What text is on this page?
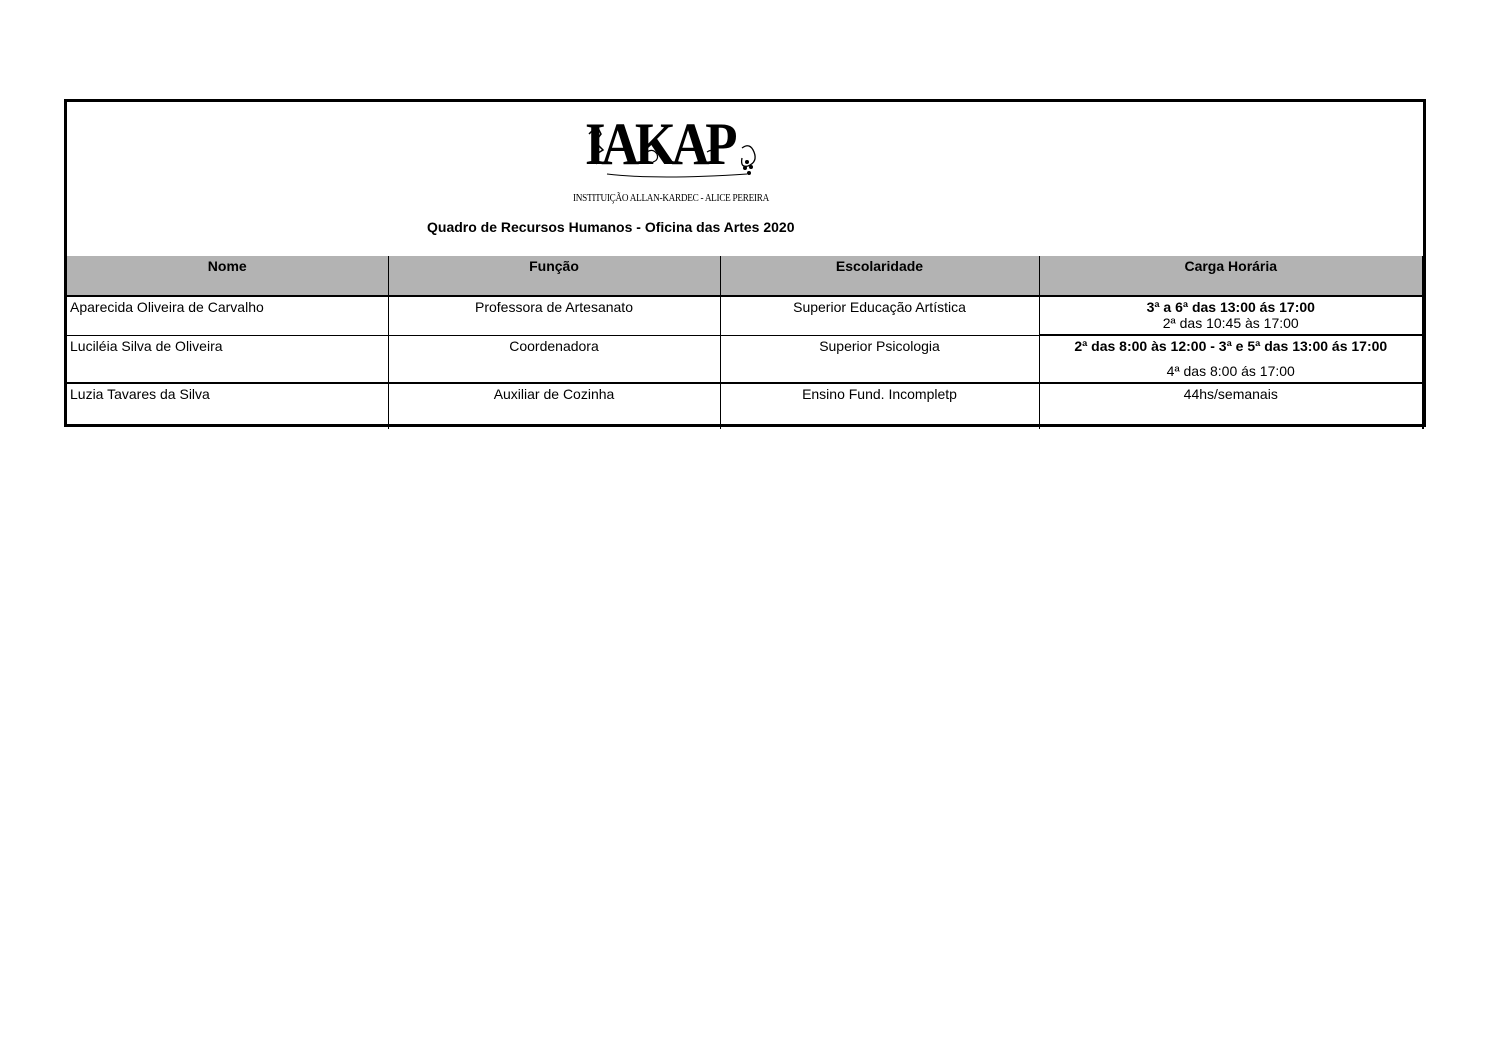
IAKAP
INSTITUIÇÃO ALLAN-KARDEC - ALICE PEREIRA
Quadro de Recursos Humanos - Oficina das Artes 2020
Nome	Função	Escolaridade	Carga Horária
Aparecida Oliveira de Carvalho	Professora de Artesanato	Superior Educação Artística	3ª a 6ª das 13:00 ás 17:00
2ª das 10:45 às 17:00

Luciléia Silva de Oliveira	Coordenadora	Superior Psicologia	2ª das 8:00 às 12:00 - 3ª e 5ª das 13:00 ás 17:00
4ª das 8:00 ás 17:00

Luzia Tavares da Silva	Auxiliar de Cozinha	Ensino Fund. Incompletp	44hs/semanais
